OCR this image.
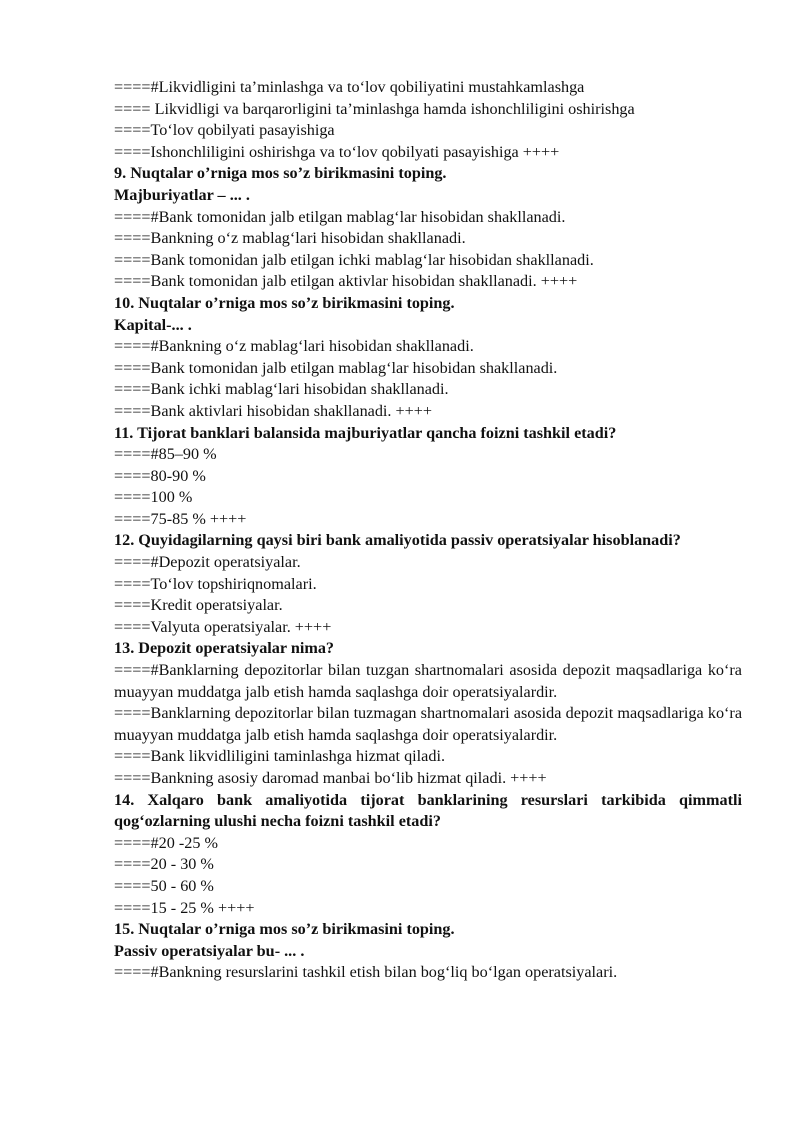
====#Likvidligini ta’minlashga va to‘lov qobiliyatini mustahkamlashga
==== Likvidligi va barqarorligini ta’minlashga hamda ishonchliligini oshirishga
====To‘lov qobilyati pasayishiga
====Ishonchliligini oshirishga va to‘lov qobilyati pasayishiga ++++
9. Nuqtalar o’rniga mos so’z birikmasini toping.
Majburiyatlar – ... .
====#Bank tomonidan jalb etilgan mablag‘lar hisobidan shakllanadi.
====Bankning o‘z mablag‘lari hisobidan shakllanadi.
====Bank tomonidan jalb etilgan ichki mablag‘lar hisobidan shakllanadi.
====Bank tomonidan jalb etilgan aktivlar hisobidan shakllanadi. ++++
10. Nuqtalar o’rniga mos so’z birikmasini toping.
Kapital-... .
====#Bankning o‘z mablag‘lari hisobidan shakllanadi.
====Bank tomonidan jalb etilgan mablag‘lar hisobidan shakllanadi.
====Bank ichki mablag‘lari hisobidan shakllanadi.
====Bank aktivlari hisobidan shakllanadi. ++++
11. Tijorat banklari balansida majburiyatlar qancha foizni tashkil etadi?
====#85–90 %
====80-90 %
====100 %
====75-85 % ++++
12. Quyidagilarning qaysi biri bank amaliyotida passiv operatsiyalar hisoblanadi?
====#Depozit operatsiyalar.
====To‘lov topshiriqnomalari.
====Kredit operatsiyalar.
====Valyuta operatsiyalar. ++++
13. Depozit operatsiyalar nima?
====#Banklarning depozitorlar bilan tuzgan shartnomalari asosida depozit maqsadlariga ko‘ra muayyan muddatga jalb etish hamda saqlashga doir operatsiyalardir.
====Banklarning depozitorlar bilan tuzmagan shartnomalari asosida depozit maqsadlariga ko‘ra muayyan muddatga jalb etish hamda saqlashga doir operatsiyalardir.
====Bank likvidliligini taminlashga hizmat qiladi.
====Bankning asosiy daromad manbai bo‘lib hizmat qiladi. ++++
14. Xalqaro bank amaliyotida tijorat banklarining resurslari tarkibida qimmatli qog‘ozlarning ulushi necha foizni tashkil etadi?
====#20 -25 %
====20 - 30 %
====50 - 60 %
====15 - 25 % ++++
15. Nuqtalar o’rniga mos so’z birikmasini toping.
Passiv operatsiyalar bu- ... .
====#Bankning resurslarini tashkil etish bilan bog‘liq bo‘lgan operatsiyalari.
